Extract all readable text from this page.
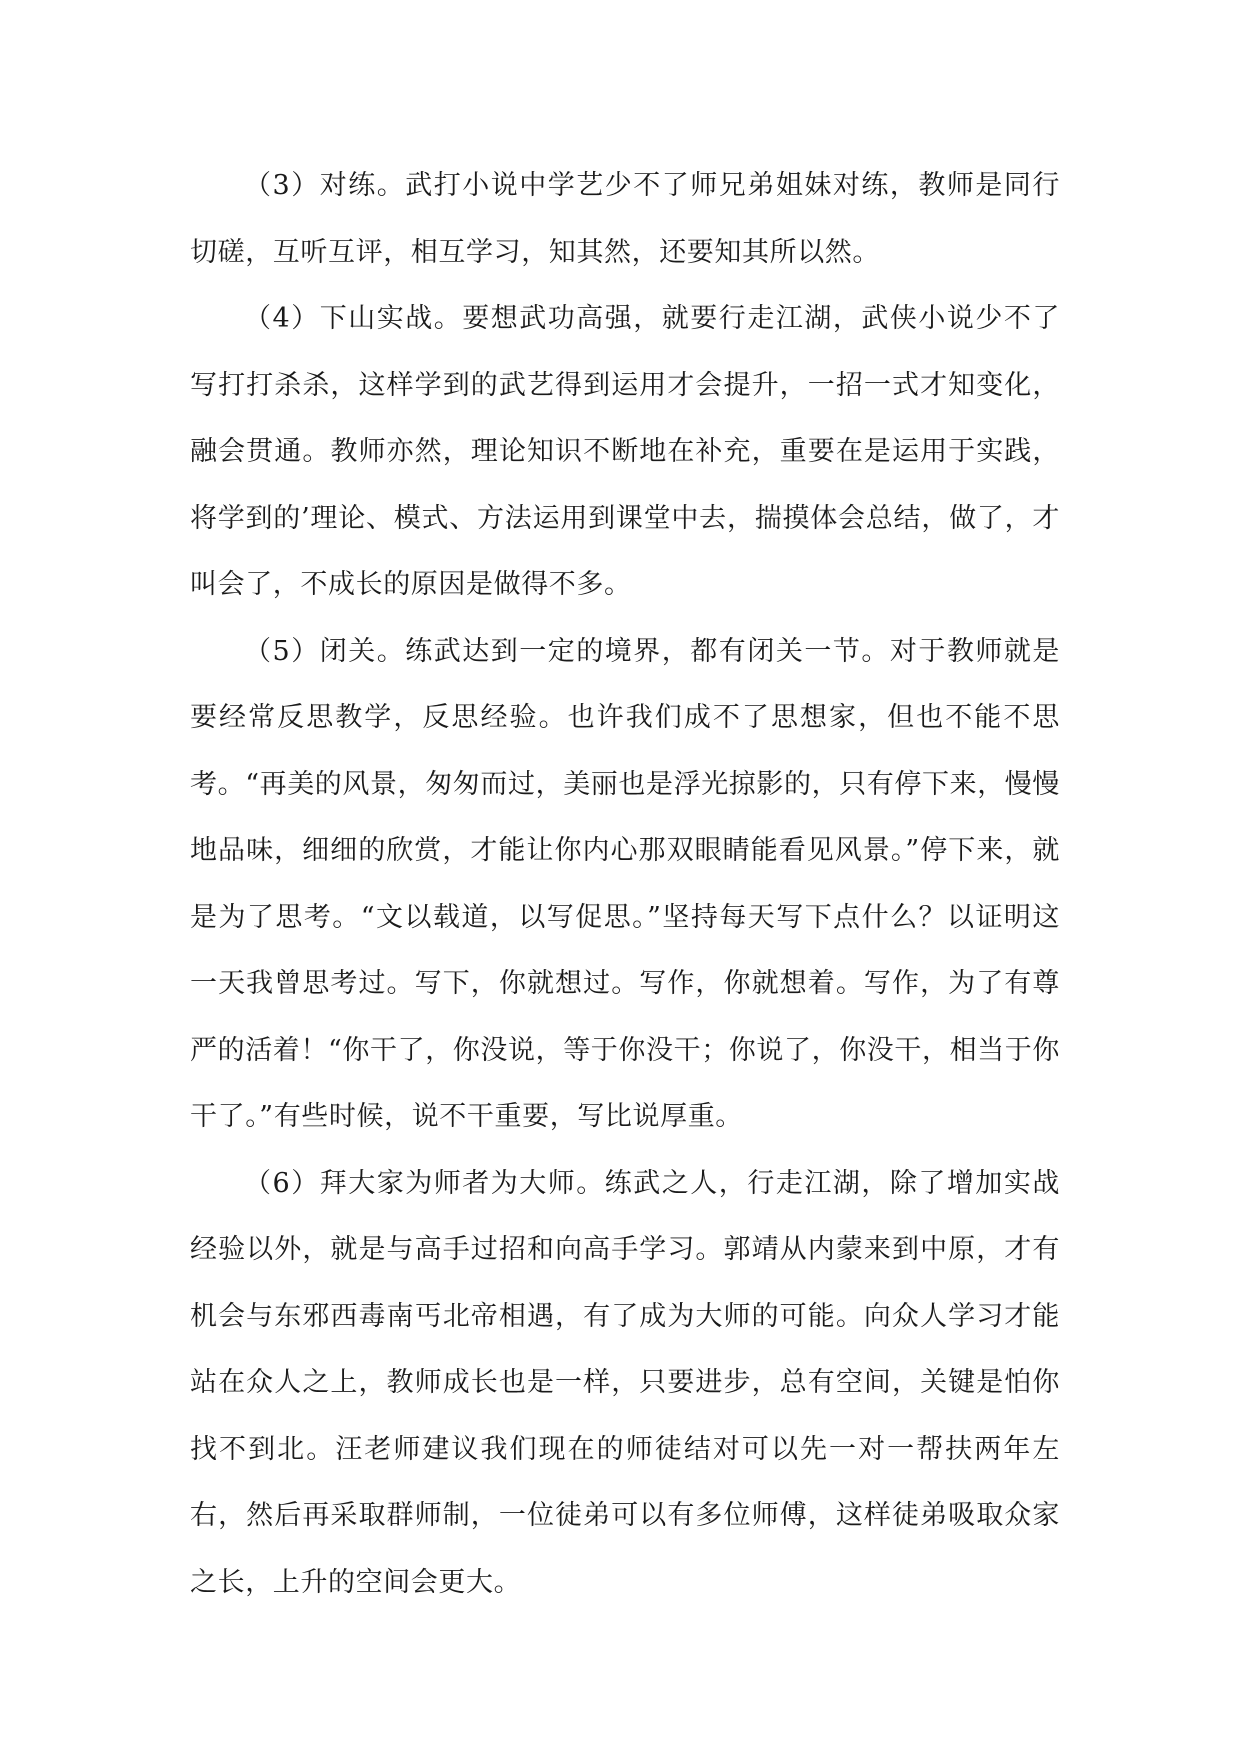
（3）对练。武打小说中学艺少不了师兄弟姐妹对练，教师是同行切磋，互听互评，相互学习，知其然，还要知其所以然。

（4）下山实战。要想武功高强，就要行走江湖，武侠小说少不了写打打杀杀，这样学到的武艺得到运用才会提升，一招一式才知变化，融会贯通。教师亦然，理论知识不断地在补充，重要在是运用于实践，将学到的’理论、模式、方法运用到课堂中去，揣摸体会总结，做了，才叫会了，不成长的原因是做得不多。

（5）闭关。练武达到一定的境界，都有闭关一节。对于教师就是要经常反思教学，反思经验。也许我们成不了思想家，但也不能不思考。“再美的风景，匆匆而过，美丽也是浮光掠影的，只有停下来，慢慢地品味，细细的欣赏，才能让你内心那双眼睛能看见风景。”停下来，就是为了思考。“文以载道，以写促思。”坚持每天写下点什么？以证明这一天我曾思考过。写下，你就想过。写作，你就想着。写作，为了有尊严的活着！“你干了，你没说，等于你没干；你说了，你没干，相当于你干了。”有些时候，说不干重要，写比说厚重。

（6）拜大家为师者为大师。练武之人，行走江湖，除了增加实战经验以外，就是与高手过招和向高手学习。郭靖从内蒙来到中原，才有机会与东邪西毒南丐北帝相遇，有了成为大师的可能。向众人学习才能站在众人之上，教师成长也是一样，只要进步，总有空间，关键是怕你找不到北。汪老师建议我们现在的师徒结对可以先一对一帮扶两年左右，然后再采取群师制，一位徒弟可以有多位师傅，这样徒弟吸取众家之长，上升的空间会更大。
